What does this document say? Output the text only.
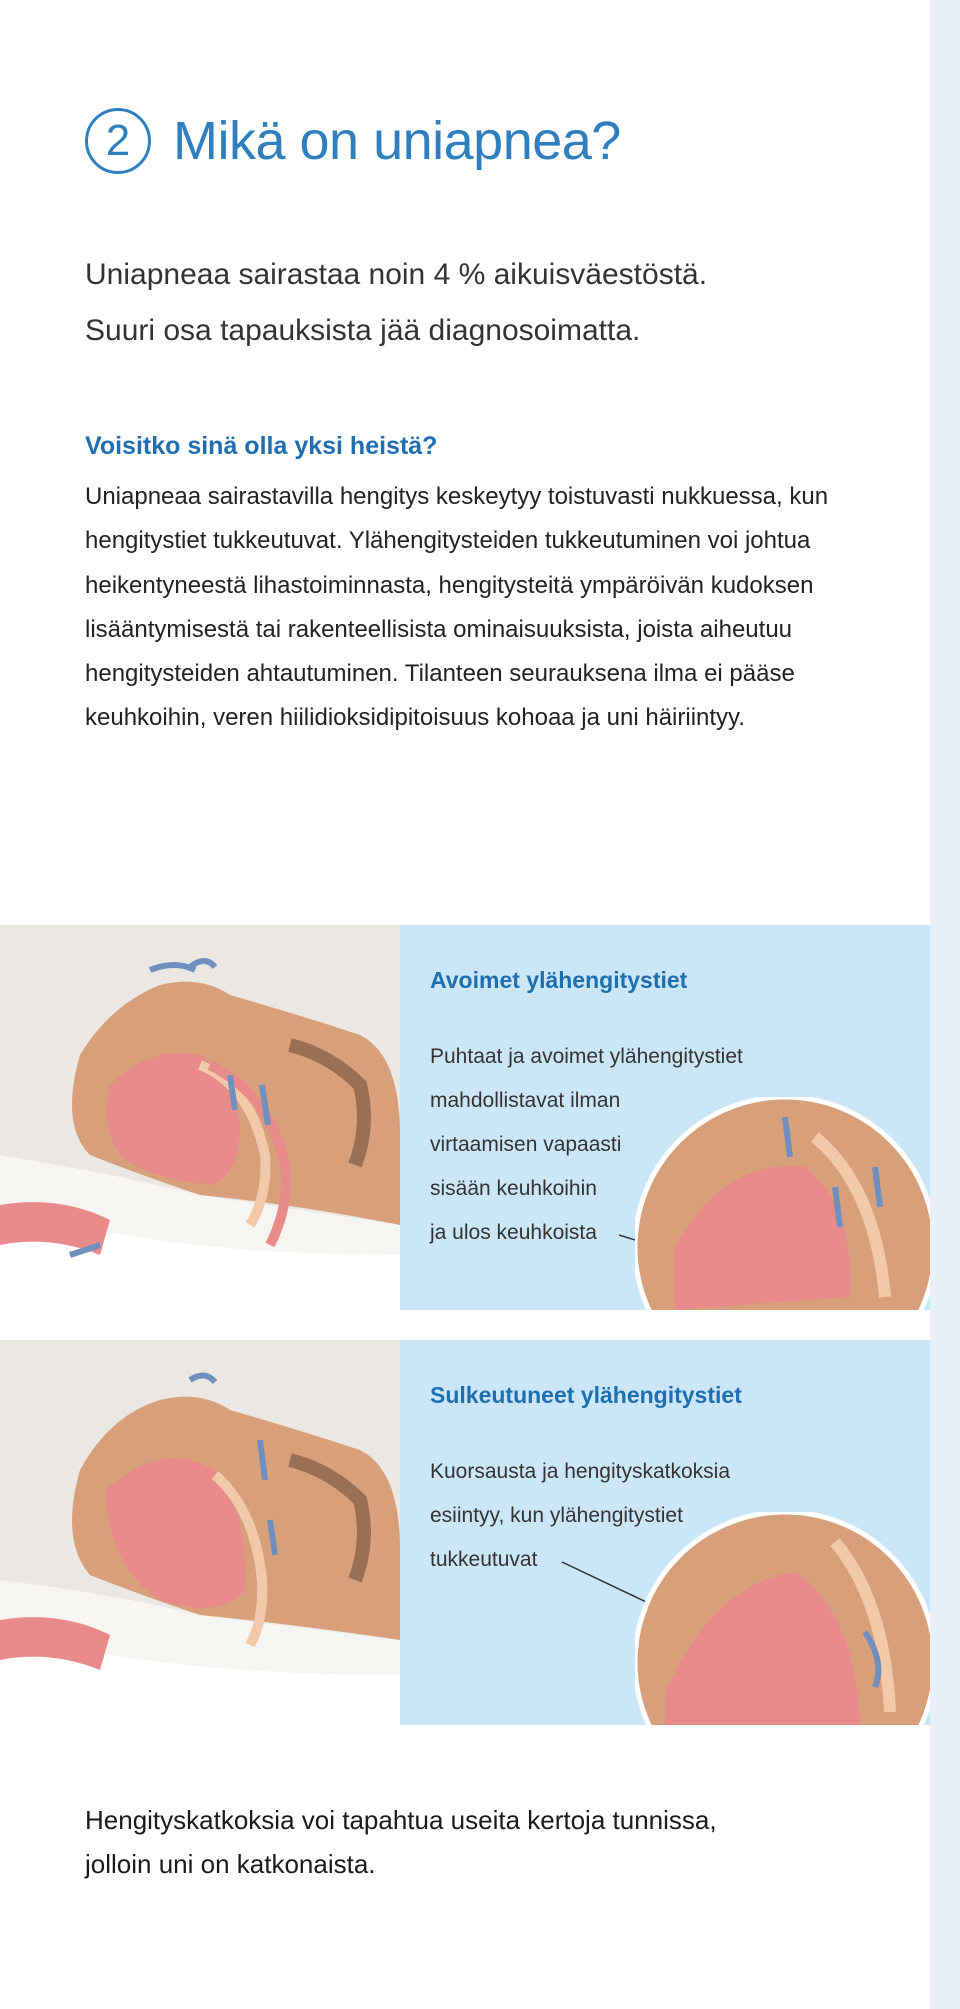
2 Mikä on uniapnea?

Uniapneaa sairastaa noin 4 % aikuisväestöstä.

Suuri osa tapauksista jää diagnosoimatta.

Voisitko sinä olla yksi heistä?

Uniapneaa sairastavilla hengitys keskeytyy toistuvasti nukkuessa, kun hengitystiet tukkeutuvat. Ylähengitysteiden tukkeutuminen voi johtua heikentyneestä lihastoiminnasta, hengitysteitä ympäröivän kudoksen lisääntymisestä tai rakenteellisista ominaisuuksista, joista aiheutuu hengitysteiden ahtautuminen. Tilanteen seurauksena ilma ei pääse keuhkoihin, veren hiilidioksidipitoisuus kohoaa ja uni häiriintyy.

Avoimet ylähengitystiet
Puhtaat ja avoimet ylähengitystiet
mahdollistavat ilman
virtaamisen vapaasti
sisään keuhkoihin
ja ulos keuhkoista
Sulkeutuneet ylähengitystiet
Kuorsausta ja hengityskatkoksia
esiintyy, kun ylähengitystiet
tukkeutuvat

Hengityskatkoksia voi tapahtua useita kertoja tunnissa, jolloin uni on katkonaista.
